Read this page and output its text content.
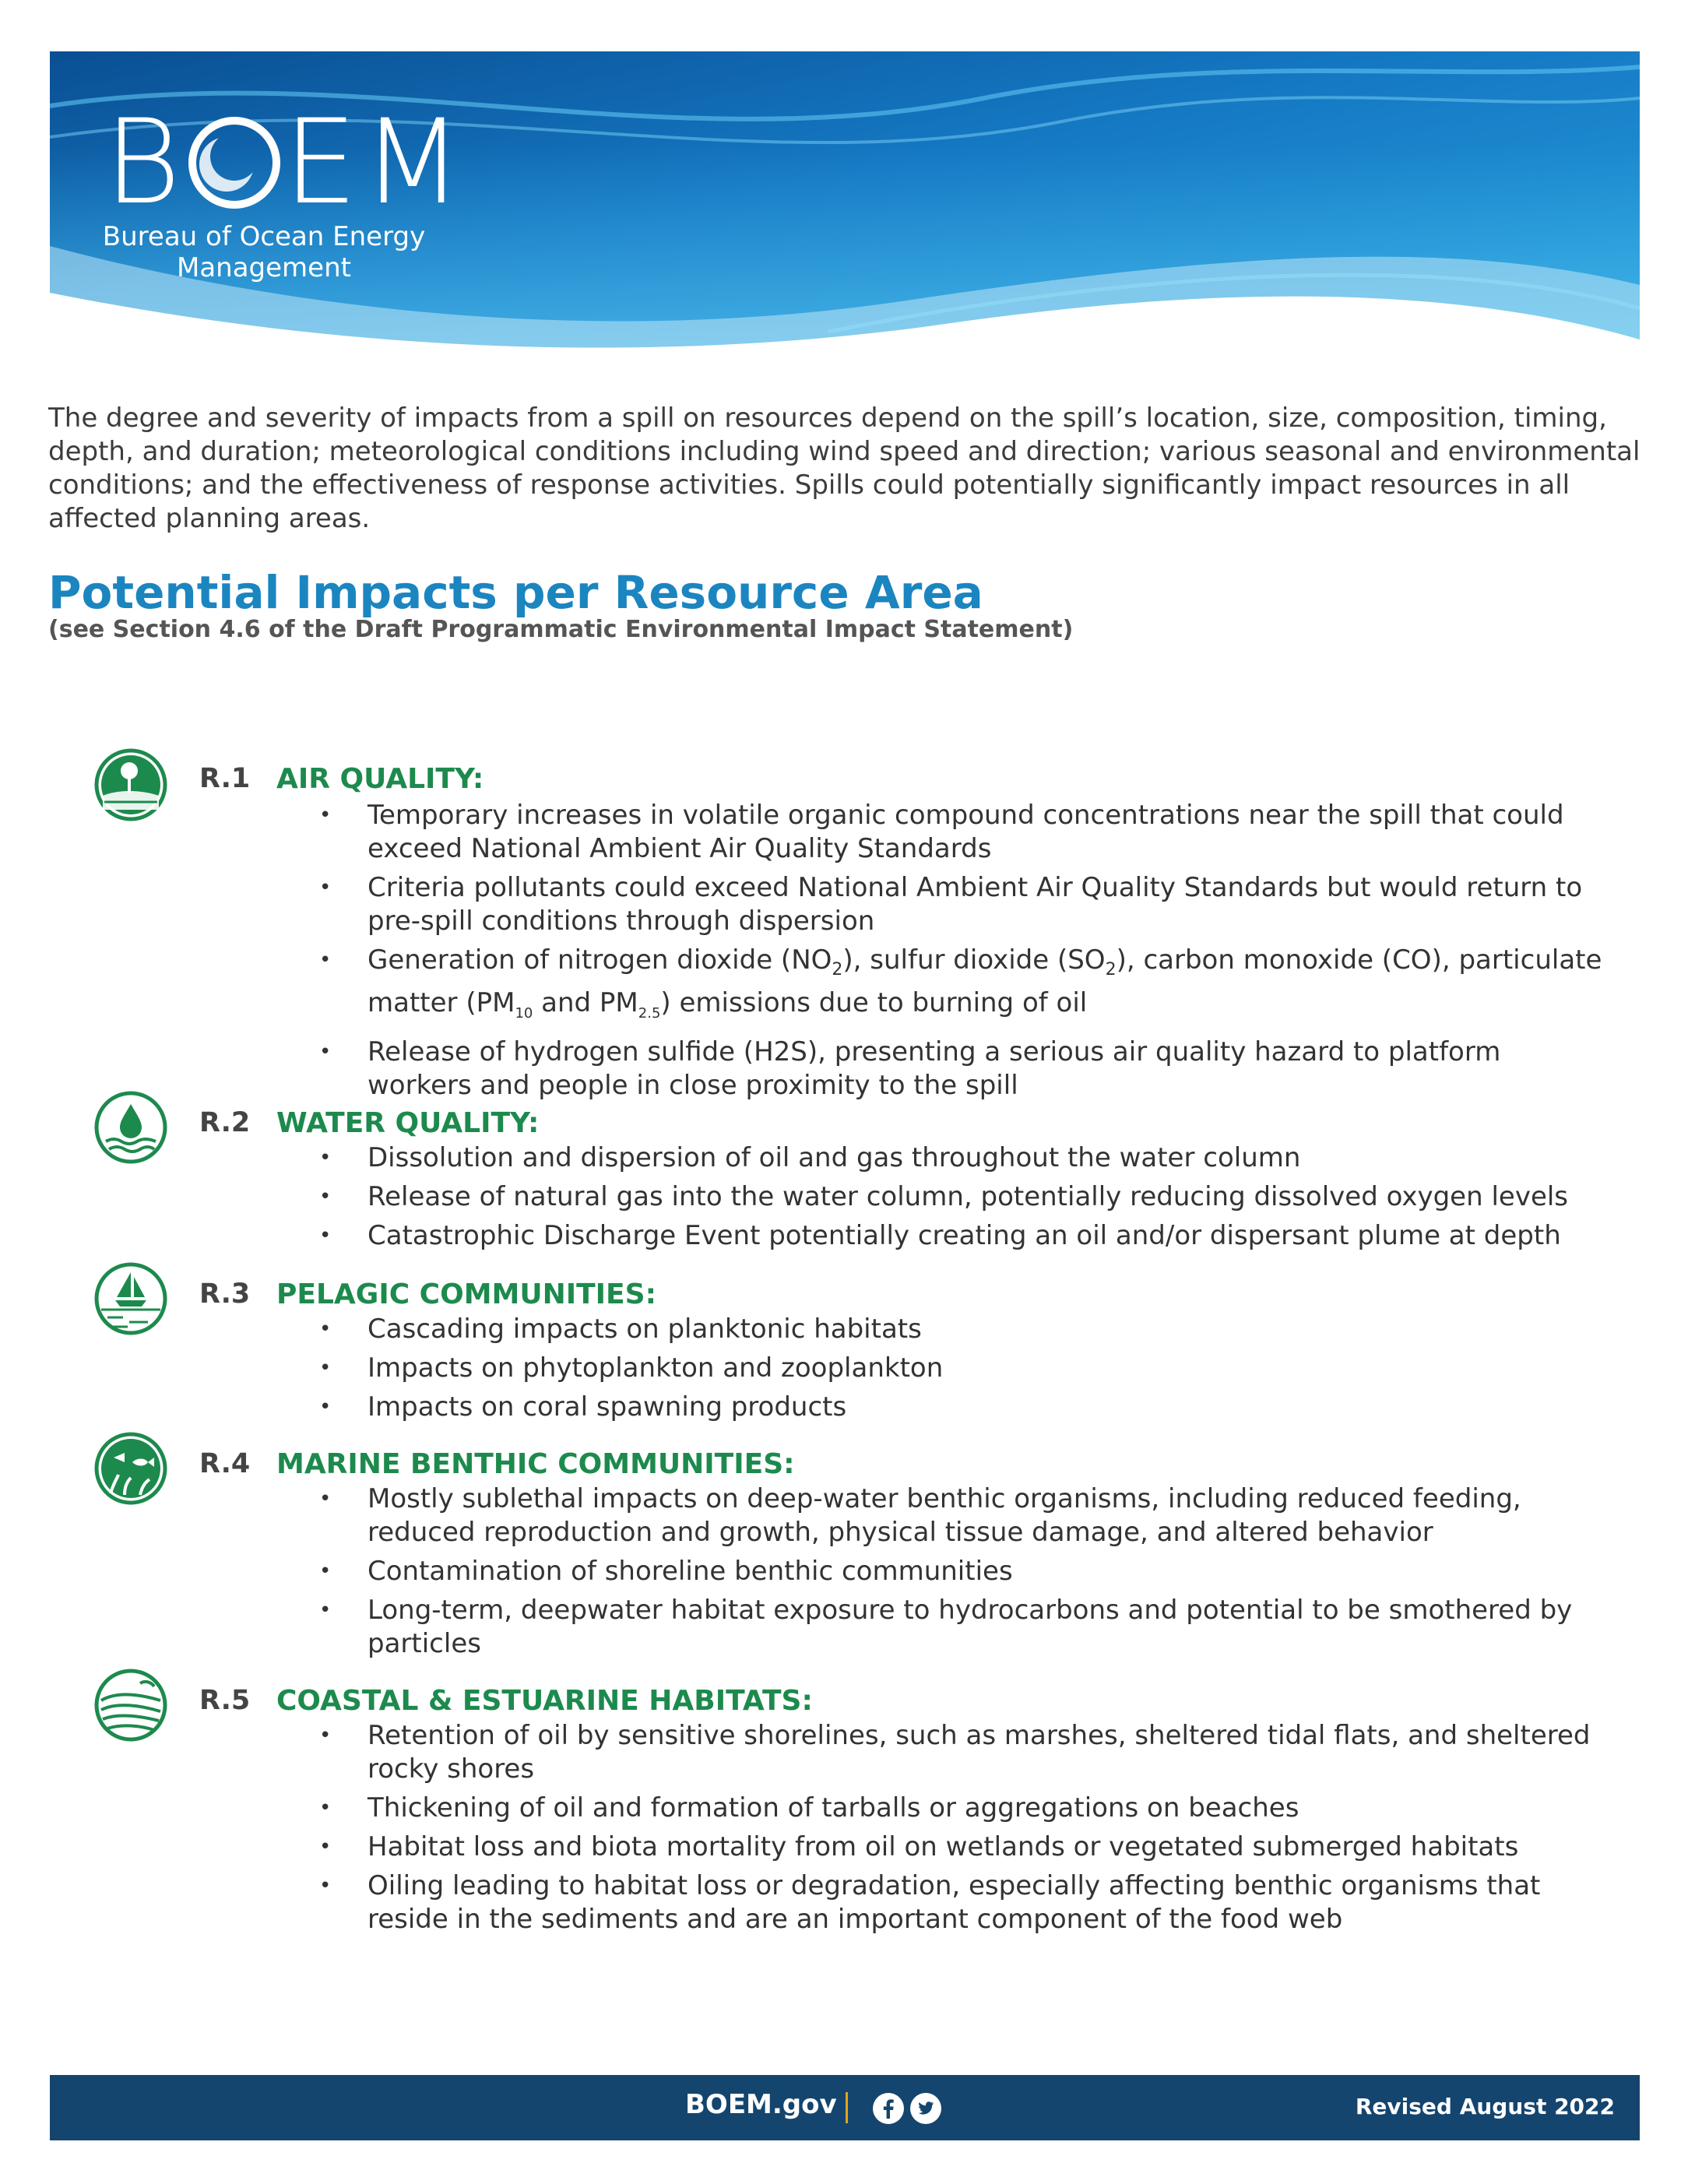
B EM
Bureau of Ocean Energy
Management

The degree and severity of impacts from a spill on resources depend on the spill’s location, size, composition, timing, depth, and duration; meteorological conditions including wind speed and direction; various seasonal and environmental conditions; and the effectiveness of response activities. Spills could potentially significantly impact resources in all affected planning areas.

Potential Impacts per Resource Area
(see Section 4.6 of the Draft Programmatic Environmental Impact Statement)
R.1 AIR QUALITY:
• Temporary increases in volatile organic compound concentrations near the spill that could exceed National Ambient Air Quality Standards
• Criteria pollutants could exceed National Ambient Air Quality Standards but would return to pre-spill conditions through dispersion
• Generation of nitrogen dioxide $(NO_2)$, sulfur dioxide $(SO_2)$, carbon monoxide (CO), particulate matter ($PM_{10}$ and $PM_{2.5}$) emissions due to burning of oil
• Release of hydrogen sulfide (H2S), presenting a serious air quality hazard to platform workers and people in close proximity to the spill
R.2 WATER QUALITY:
• Dissolution and dispersion of oil and gas throughout the water column
• Release of natural gas into the water column, potentially reducing dissolved oxygen levels
• Catastrophic Discharge Event potentially creating an oil and/or dispersant plume at depth
R.3 PELAGIC COMMUNITIES:
• Cascading impacts on planktonic habitats
• Impacts on phytoplankton and zooplankton
• Impacts on coral spawning products
R.4 MARINE BENTHIC COMMUNITIES:
• Mostly sublethal impacts on deep-water benthic organisms, including reduced feeding, reduced reproduction and growth, physical tissue damage, and altered behavior
• Contamination of shoreline benthic communities
• Long-term, deepwater habitat exposure to hydrocarbons and potential to be smothered by particles
R.5 COASTAL & ESTUARINE HABITATS:
• Retention of oil by sensitive shorelines, such as marshes, sheltered tidal flats, and sheltered rocky shores
• Thickening of oil and formation of tarballs or aggregations on beaches
• Habitat loss and biota mortality from oil on wetlands or vegetated submerged habitats
• Oiling leading to habitat loss or degradation, especially affecting benthic organisms that reside in the sediments and are an important component of the food web
BOEM.gov	Revised August 2022
